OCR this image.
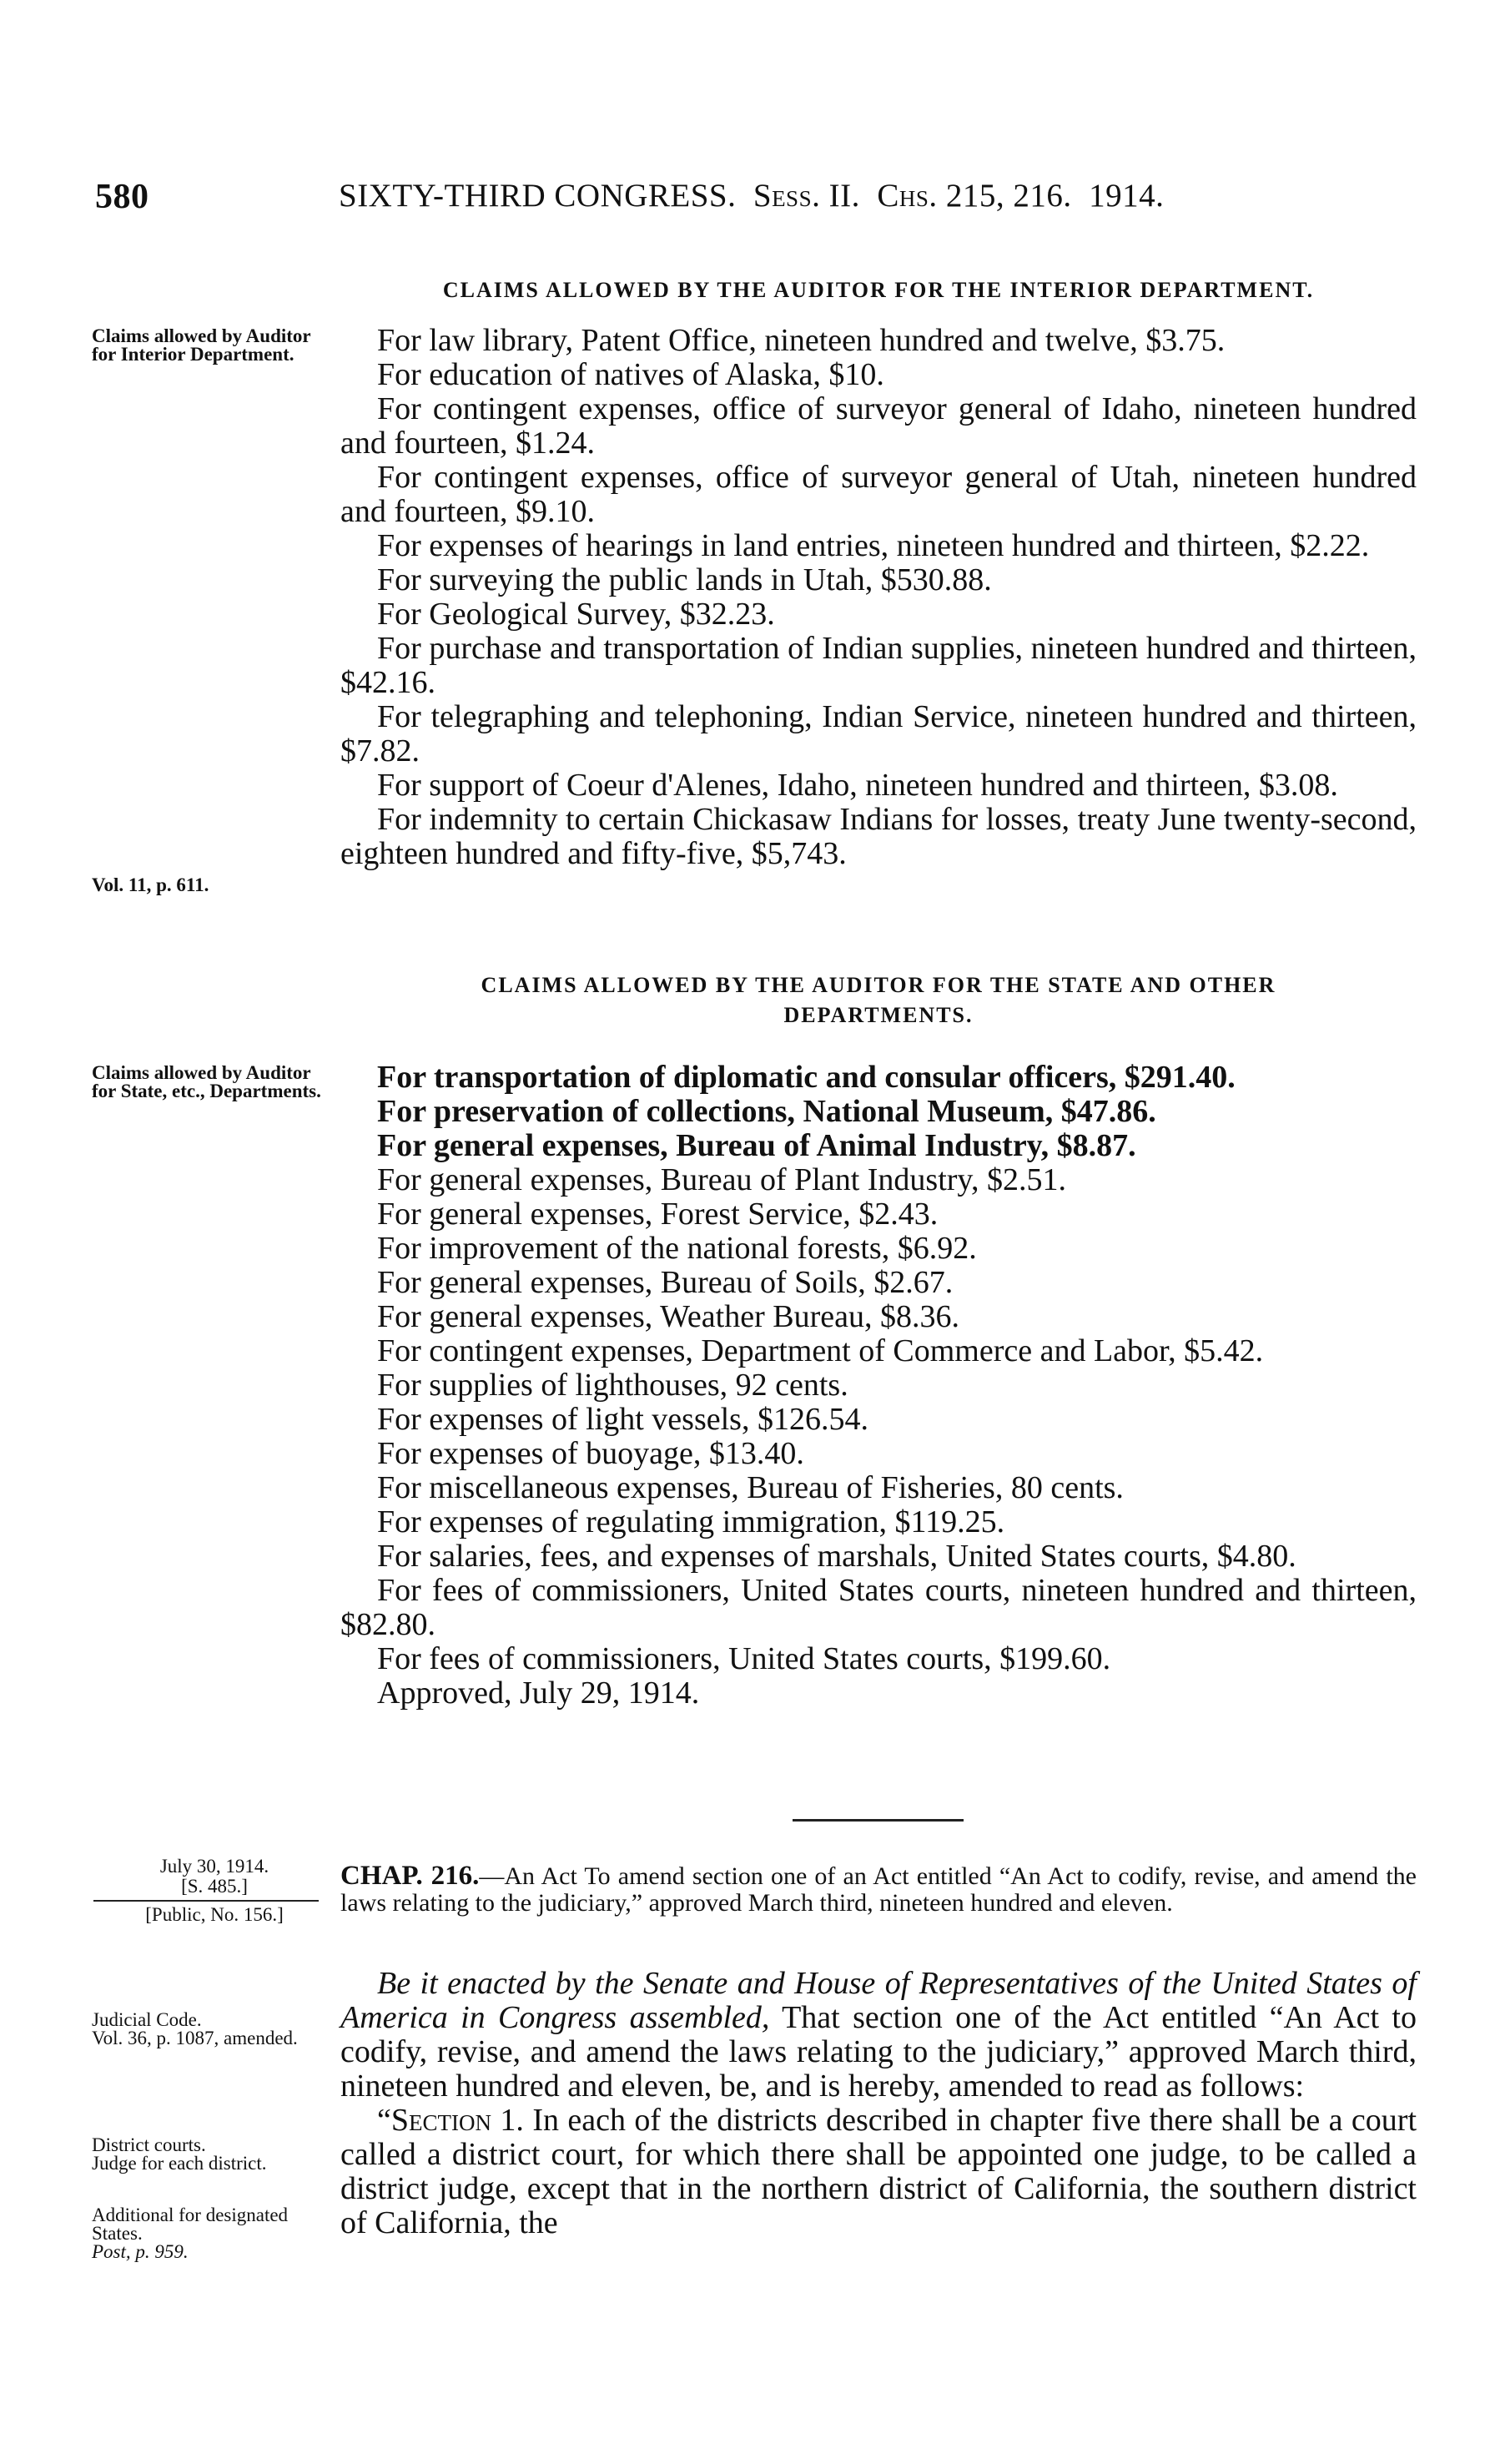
580	SIXTY-THIRD CONGRESS. Sess. II. Chs. 215, 216. 1914.
CLAIMS ALLOWED BY THE AUDITOR FOR THE INTERIOR DEPARTMENT.
Claims allowed by Auditor for Interior Department.	For law library, Patent Office, nineteen hundred and twelve, $3.75.

For education of natives of Alaska, $10.

For contingent expenses, office of surveyor general of Idaho, nineteen hundred and fourteen, $1.24.

For contingent expenses, office of surveyor general of Utah, nineteen hundred and fourteen, $9.10.

For expenses of hearings in land entries, nineteen hundred and thirteen, $2.22.

For surveying the public lands in Utah, $530.88.

For Geological Survey, $32.23.

For purchase and transportation of Indian supplies, nineteen hundred and thirteen, $42.16.

For telegraphing and telephoning, Indian Service, nineteen hundred and thirteen, $7.82.

For support of Coeur d'Alenes, Idaho, nineteen hundred and thirteen, $3.08.

For indemnity to certain Chickasaw Indians for losses, treaty June twenty-second, eighteen hundred and fifty-five, $5,743.

Vol. 11, p. 611.
CLAIMS ALLOWED BY THE AUDITOR FOR THE STATE AND OTHER
DEPARTMENTS.
Claims allowed by Auditor for State, etc., Departments.	For transportation of diplomatic and consular officers, $291.40.

For preservation of collections, National Museum, $47.86.

For general expenses, Bureau of Animal Industry, $8.87.

For general expenses, Bureau of Plant Industry, $2.51.

For general expenses, Forest Service, $2.43.

For improvement of the national forests, $6.92.

For general expenses, Bureau of Soils, $2.67.

For general expenses, Weather Bureau, $8.36.

For contingent expenses, Department of Commerce and Labor, $5.42.

For supplies of lighthouses, 92 cents.

For expenses of light vessels, $126.54.

For expenses of buoyage, $13.40.

For miscellaneous expenses, Bureau of Fisheries, 80 cents.

For expenses of regulating immigration, $119.25.

For salaries, fees, and expenses of marshals, United States courts, $4.80.

For fees of commissioners, United States courts, nineteen hundred and thirteen, $82.80.

For fees of commissioners, United States courts, $199.60.

Approved, July 29, 1914.

July 30, 1914.
[S. 485.]
[Public, No. 156.]
CHAP. 216.—An Act To amend section one of an Act entitled “An Act to codify, revise, and amend the laws relating to the judiciary,” approved March third, nineteen hundred and eleven.
Judicial Code.
Vol. 36, p. 1087, amended.
District courts.
Judge for each district.
Additional for designated States.
Post, p. 959.

Be it enacted by the Senate and House of Representatives of the United States of America in Congress assembled, That section one of the Act entitled “An Act to codify, revise, and amend the laws relating to the judiciary,” approved March third, nineteen hundred and eleven, be, and is hereby, amended to read as follows:

“Section 1. In each of the districts described in chapter five there shall be a court called a district court, for which there shall be appointed one judge, to be called a district judge, except that in the northern district of California, the southern district of California, the
